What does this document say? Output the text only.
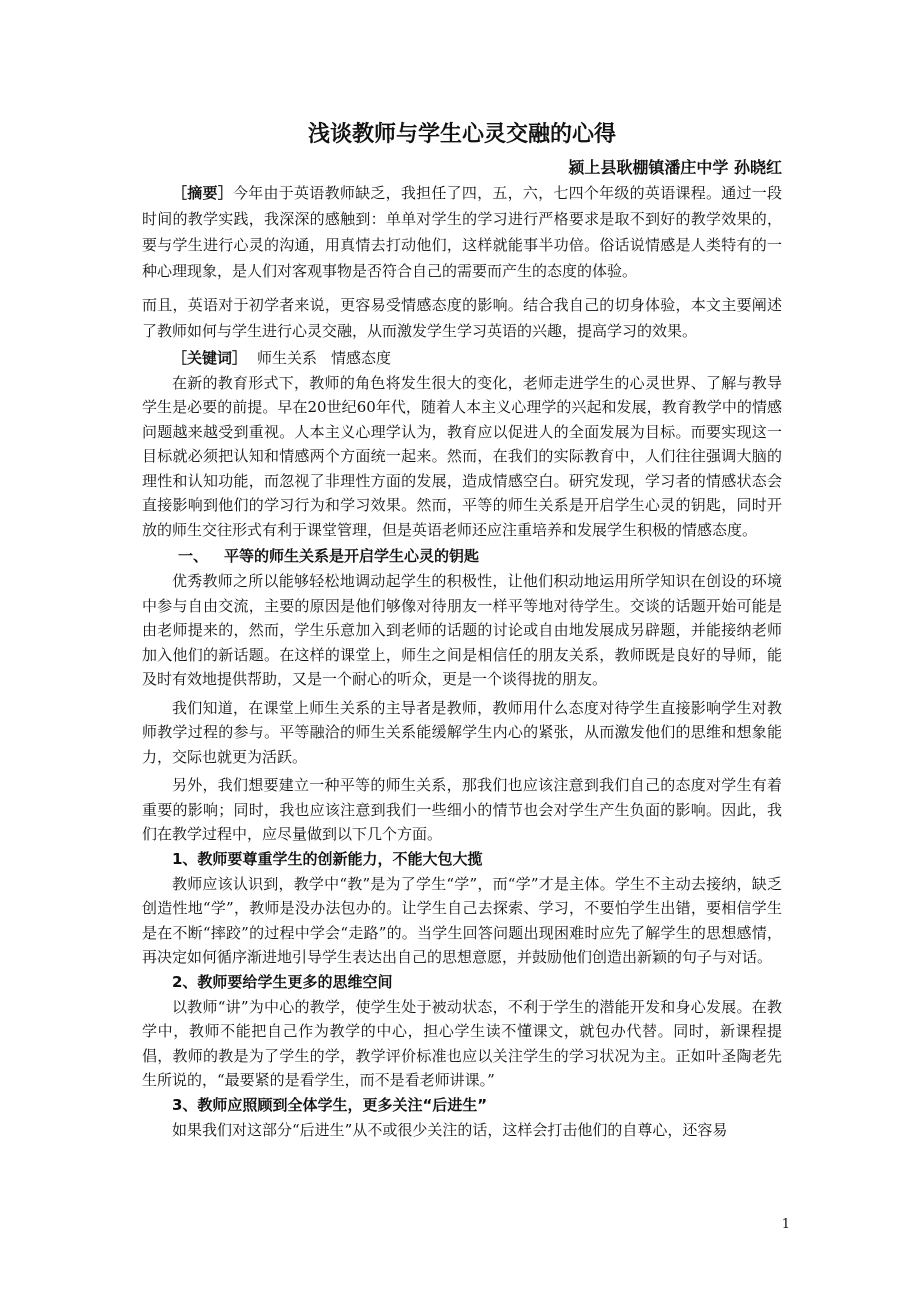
浅谈教师与学生心灵交融的心得
颍上县耿棚镇潘庄中学 孙晓红

［摘要］今年由于英语教师缺乏，我担任了四，五，六，七四个年级的英语课程。通过一段时间的教学实践，我深深的感触到：单单对学生的学习进行严格要求是取不到好的教学效果的，要与学生进行心灵的沟通，用真情去打动他们，这样就能事半功倍。俗话说情感是人类特有的一种心理现象，是人们对客观事物是否符合自己的需要而产生的态度的体验。

而且，英语对于初学者来说，更容易受情感态度的影响。结合我自己的切身体验，本文主要阐述了教师如何与学生进行心灵交融，从而激发学生学习英语的兴趣，提高学习的效果。

［关键词］ 师生关系 情感态度

在新的教育形式下，教师的角色将发生很大的变化，老师走进学生的心灵世界、了解与教导学生是必要的前提。早在20世纪60年代，随着人本主义心理学的兴起和发展，教育教学中的情感问题越来越受到重视。人本主义心理学认为，教育应以促进人的全面发展为目标。而要实现这一目标就必须把认知和情感两个方面统一起来。然而，在我们的实际教育中，人们往往强调大脑的理性和认知功能，而忽视了非理性方面的发展，造成情感空白。研究发现，学习者的情感状态会直接影响到他们的学习行为和学习效果。然而，平等的师生关系是开启学生心灵的钥匙，同时开放的师生交往形式有利于课堂管理，但是英语老师还应注重培养和发展学生积极的情感态度。

一、 平等的师生关系是开启学生心灵的钥匙

优秀教师之所以能够轻松地调动起学生的积极性，让他们积动地运用所学知识在创设的环境中参与自由交流，主要的原因是他们够像对待朋友一样平等地对待学生。交谈的话题开始可能是由老师提来的，然而，学生乐意加入到老师的话题的讨论或自由地发展成另辟题，并能接纳老师加入他们的新话题。在这样的课堂上，师生之间是相信任的朋友关系，教师既是良好的导师，能及时有效地提供帮助，又是一个耐心的听众，更是一个谈得拢的朋友。

我们知道，在课堂上师生关系的主导者是教师，教师用什么态度对待学生直接影响学生对教师教学过程的参与。平等融洽的师生关系能缓解学生内心的紧张，从而激发他们的思维和想象能力，交际也就更为活跃。

另外，我们想要建立一种平等的师生关系，那我们也应该注意到我们自己的态度对学生有着重要的影响；同时，我也应该注意到我们一些细小的情节也会对学生产生负面的影响。因此，我们在教学过程中，应尽量做到以下几个方面。

1、教师要尊重学生的创新能力，不能大包大揽

教师应该认识到，教学中“教”是为了学生“学”，而“学”才是主体。学生不主动去接纳，缺乏创造性地“学”，教师是没办法包办的。让学生自己去探索、学习，不要怕学生出错，要相信学生是在不断“摔跤”的过程中学会“走路”的。当学生回答问题出现困难时应先了解学生的思想感情，再决定如何循序渐进地引导学生表达出自己的思想意愿，并鼓励他们创造出新颖的句子与对话。

2、教师要给学生更多的思维空间

以教师“讲”为中心的教学，使学生处于被动状态，不利于学生的潜能开发和身心发展。在教学中，教师不能把自己作为教学的中心，担心学生读不懂课文，就包办代替。同时，新课程提倡，教师的教是为了学生的学，教学评价标准也应以关注学生的学习状况为主。正如叶圣陶老先生所说的，“最要紧的是看学生，而不是看老师讲课。”

3、教师应照顾到全体学生，更多关注“后进生”

如果我们对这部分“后进生”从不或很少关注的话，这样会打击他们的自尊心，还容易

1
